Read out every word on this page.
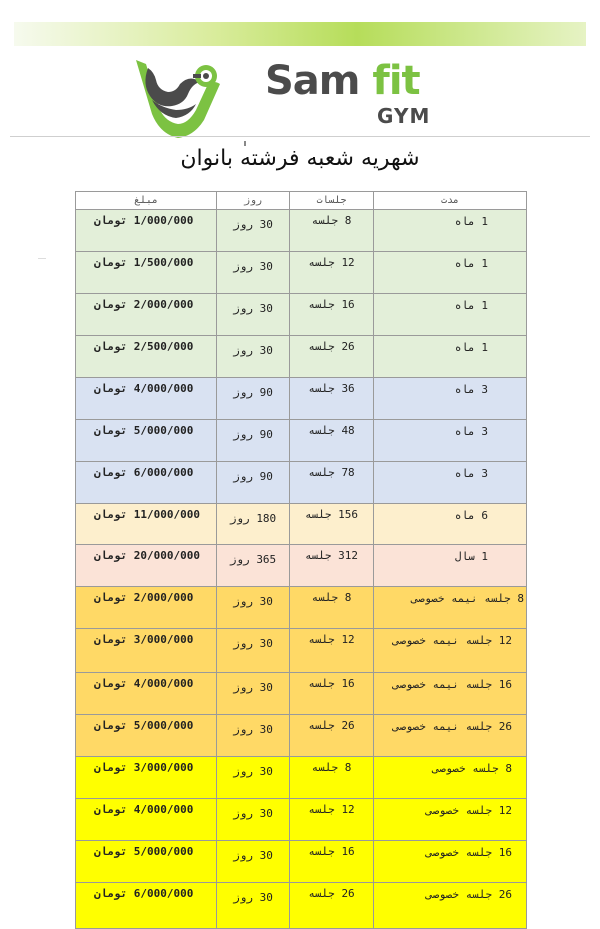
Sam fit
GYM
شهریه شعبه فرشته بانوان
مبلغ	روز	جلسات	مدت
1/000/000 تومان	30 روز	8 جلسه	1 ماه
1/500/000 تومان	30 روز	12 جلسه	1 ماه
2/000/000 تومان	30 روز	16 جلسه	1 ماه
2/500/000 تومان	30 روز	26 جلسه	1 ماه
4/000/000 تومان	90 روز	36 جلسه	3 ماه
5/000/000 تومان	90 روز	48 جلسه	3 ماه
6/000/000 تومان	90 روز	78 جلسه	3 ماه
11/000/000 تومان	180 روز	156 جلسه	6 ماه
20/000/000 تومان	365 روز	312 جلسه	1 سال
2/000/000 تومان	30 روز	8 جلسه	8 جلسه نیمه خصوصی
3/000/000 تومان	30 روز	12 جلسه	12 جلسه نیمه خصوصی
4/000/000 تومان	30 روز	16 جلسه	16 جلسه نیمه خصوصی
5/000/000 تومان	30 روز	26 جلسه	26 جلسه نیمه خصوصی
3/000/000 تومان	30 روز	8 جلسه	8 جلسه خصوصی
4/000/000 تومان	30 روز	12 جلسه	12 جلسه خصوصی
5/000/000 تومان	30 روز	16 جلسه	16 جلسه خصوصی
6/000/000 تومان	30 روز	26 جلسه	26 جلسه خصوصی
